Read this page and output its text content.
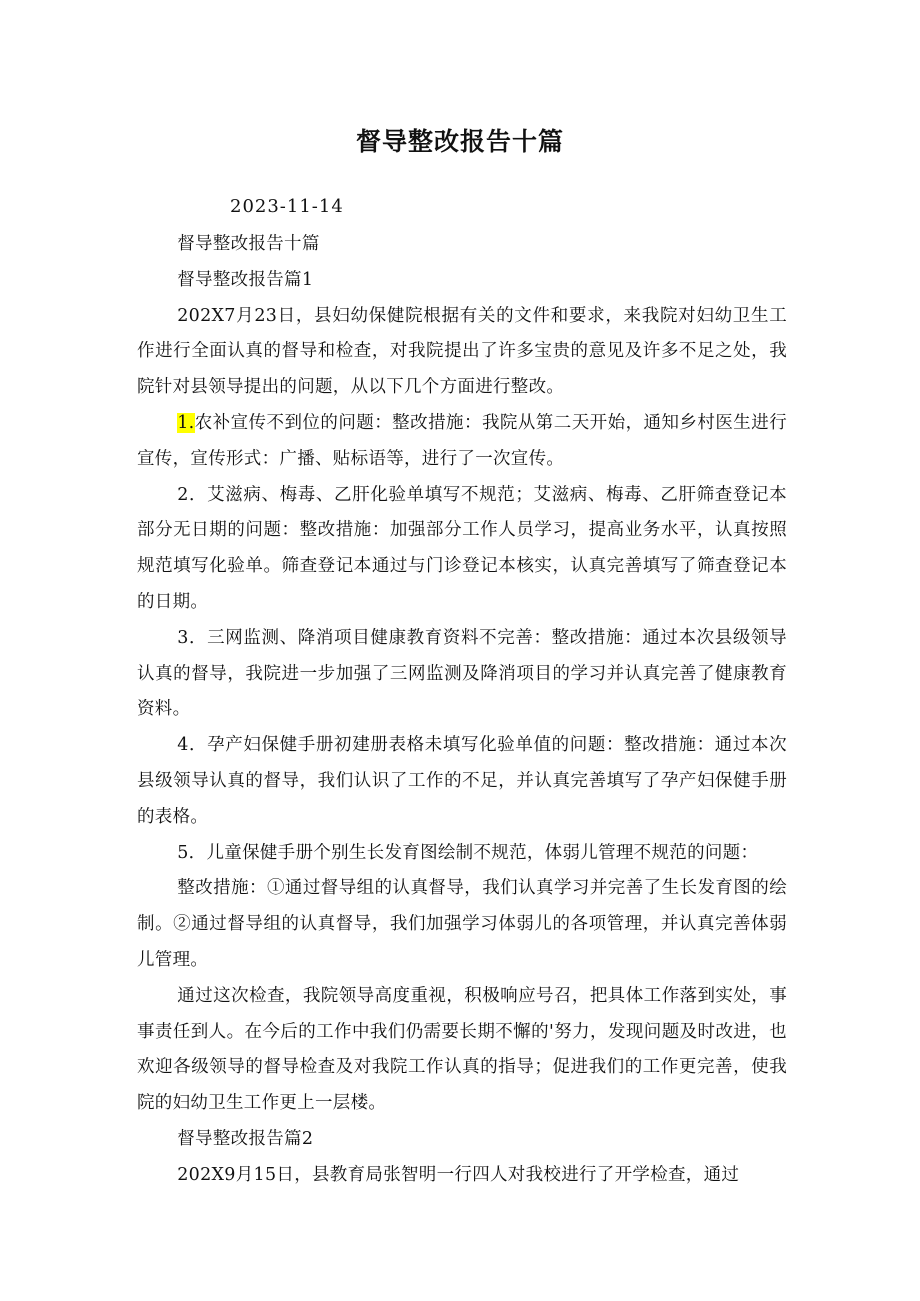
督导整改报告十篇
2023-11-14

督导整改报告十篇

督导整改报告篇1

202X7月23日，县妇幼保健院根据有关的文件和要求，来我院对妇幼卫生工作进行全面认真的督导和检查，对我院提出了许多宝贵的意见及许多不足之处，我院针对县领导提出的问题，从以下几个方面进行整改。

1.农补宣传不到位的问题：整改措施：我院从第二天开始，通知乡村医生进行宣传，宣传形式：广播、贴标语等，进行了一次宣传。

2．艾滋病、梅毒、乙肝化验单填写不规范；艾滋病、梅毒、乙肝筛查登记本部分无日期的问题：整改措施：加强部分工作人员学习，提高业务水平，认真按照规范填写化验单。筛查登记本通过与门诊登记本核实，认真完善填写了筛查登记本的日期。

3．三网监测、降消项目健康教育资料不完善：整改措施：通过本次县级领导认真的督导，我院进一步加强了三网监测及降消项目的学习并认真完善了健康教育资料。

4．孕产妇保健手册初建册表格未填写化验单值的问题：整改措施：通过本次县级领导认真的督导，我们认识了工作的不足，并认真完善填写了孕产妇保健手册的表格。

5．儿童保健手册个别生长发育图绘制不规范，体弱儿管理不规范的问题：

整改措施：①通过督导组的认真督导，我们认真学习并完善了生长发育图的绘制。②通过督导组的认真督导，我们加强学习体弱儿的各项管理，并认真完善体弱儿管理。

通过这次检查，我院领导高度重视，积极响应号召，把具体工作落到实处，事事责任到人。在今后的工作中我们仍需要长期不懈的'努力，发现问题及时改进，也欢迎各级领导的督导检查及对我院工作认真的指导；促进我们的工作更完善，使我院的妇幼卫生工作更上一层楼。

督导整改报告篇2

202X9月15日，县教育局张智明一行四人对我校进行了开学检查，通过
